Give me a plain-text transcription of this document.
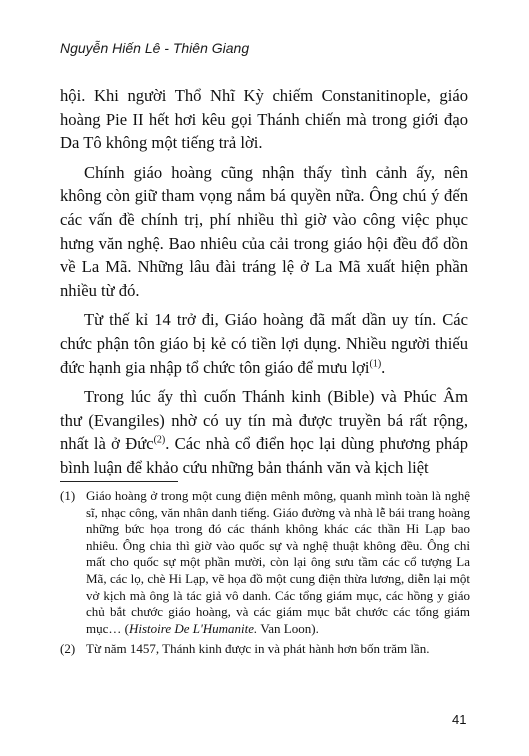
Nguyễn Hiến Lê - Thiên Giang

hội. Khi người Thổ Nhĩ Kỳ chiếm Constanitinople, giáo hoàng Pie II hết hơi kêu gọi Thánh chiến mà trong giới đạo Da Tô không một tiếng trả lời.

Chính giáo hoàng cũng nhận thấy tình cảnh ấy, nên không còn giữ tham vọng nắm bá quyền nữa. Ông chú ý đến các vấn đề chính trị, phí nhiều thì giờ vào công việc phục hưng văn nghệ. Bao nhiêu của cải trong giáo hội đều đổ dồn về La Mã. Những lâu đài tráng lệ ở La Mã xuất hiện phần nhiều từ đó.

Từ thế kỉ 14 trở đi, Giáo hoàng đã mất dần uy tín. Các chức phận tôn giáo bị kẻ có tiền lợi dụng. Nhiều người thiếu đức hạnh gia nhập tổ chức tôn giáo để mưu lợi$^{(1)}$.

Trong lúc ấy thì cuốn Thánh kinh (Bible) và Phúc Âm thư (Evangiles) nhờ có uy tín mà được truyền bá rất rộng, nhất là ở Đức$^{(2)}$. Các nhà cổ điển học lại dùng phương pháp bình luận để khảo cứu những bản thánh văn và kịch liệt

(1) Giáo hoàng ở trong một cung điện mênh mông, quanh mình toàn là nghệ sĩ, nhạc công, văn nhân danh tiếng. Giáo đường và nhà lễ bái trang hoàng những bức họa trong đó các thánh không khác các thần Hi Lạp bao nhiêu. Ông chia thì giờ vào quốc sự và nghệ thuật không đều. Ông chỉ mất cho quốc sự một phần mười, còn lại ông sưu tầm các cổ tượng La Mã, các lọ, chè Hi Lạp, vẽ họa đồ một cung điện thừa lương, diễn lại một vở kịch mà ông là tác giả vô danh. Các tổng giám mục, các hồng y giáo chủ bắt chước giáo hoàng, và các giám mục bắt chước các tổng giám mục… (Histoire De L'Humanite. Van Loon).
(2) Từ năm 1457, Thánh kinh được in và phát hành hơn bốn trăm lần.
41
